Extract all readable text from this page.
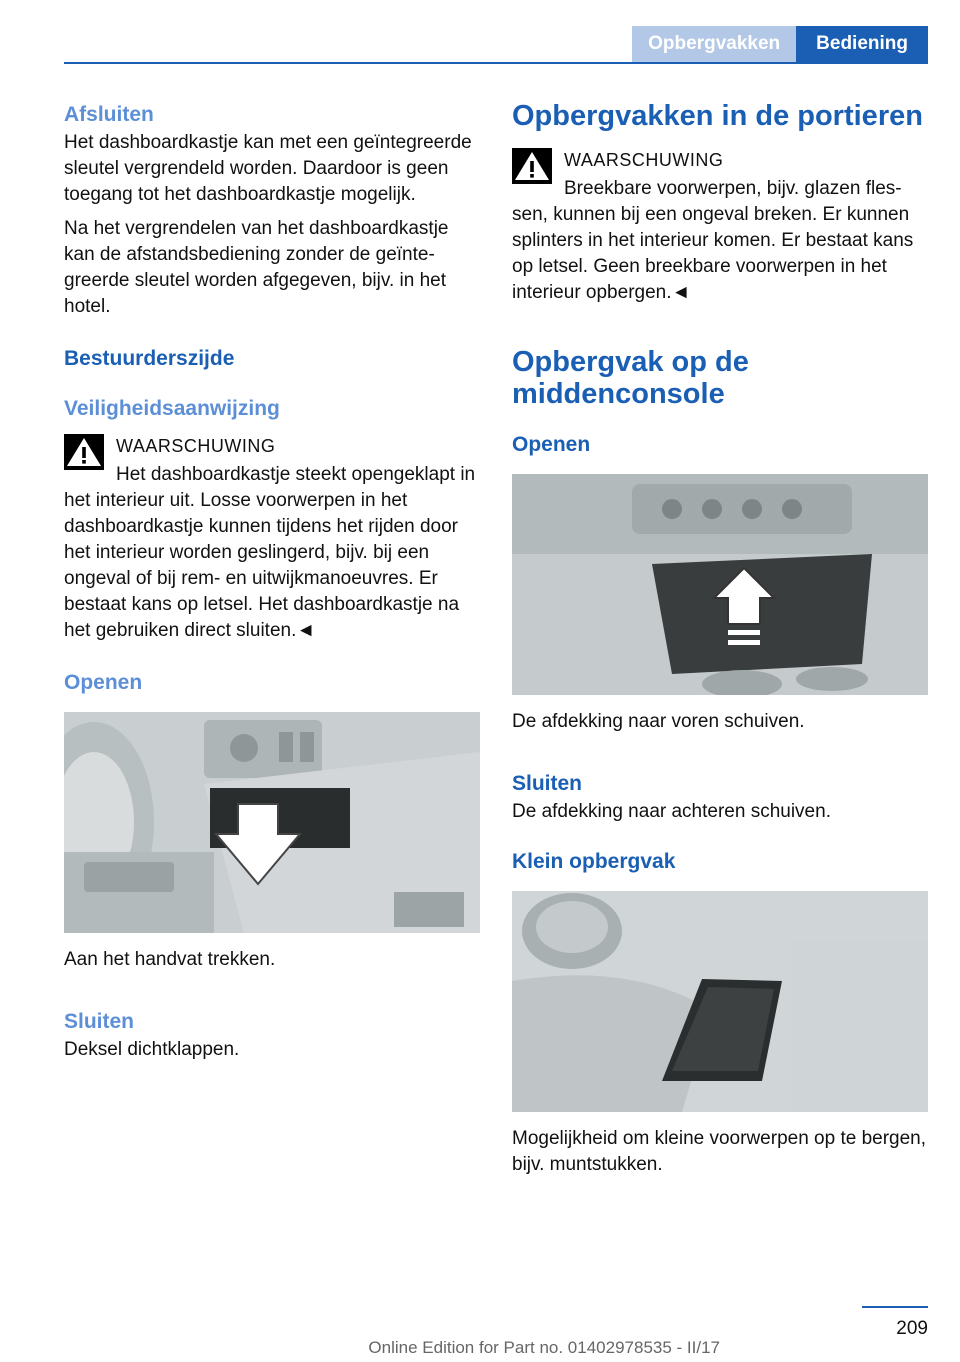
Opbergvakken	Bediening
Afsluiten

Het dashboardkastje kan met een geïntegreerde sleutel vergrendeld worden. Daardoor is geen toegang tot het dashboardkastje mogelijk.

Na het vergrendelen van het dashboardkastje kan de afstandsbediening zonder de geïntegreerde sleutel worden afgegeven, bijv. in het hotel.

Bestuurderszijde
Veiligheidsaanwijzing
WAARSCHUWING

Het dashboardkastje steekt opengeklapt in het interieur uit. Losse voorwerpen in het dashboardkastje kunnen tijdens het rijden door het interieur worden geslingerd, bijv. bij een ongeval of bij rem- en uitwijkmanoeuvres. Er bestaat kans op letsel. Het dashboardkastje na het gebruiken direct sluiten.◄

Openen

Aan het handvat trekken.

Sluiten

Deksel dichtklappen.

Opbergvakken in de portieren
WAARSCHUWING

Breekbare voorwerpen, bijv. glazen flessen, kunnen bij een ongeval breken. Er kunnen splinters in het interieur komen. Er bestaat kans op letsel. Geen breekbare voorwerpen in het interieur opbergen.◄

Opbergvak op de middenconsole
Openen

De afdekking naar voren schuiven.

Sluiten

De afdekking naar achteren schuiven.

Klein opbergvak

Mogelijkheid om kleine voorwerpen op te bergen, bijv. muntstukken.

209
Online Edition for Part no. 01402978535 - II/17
